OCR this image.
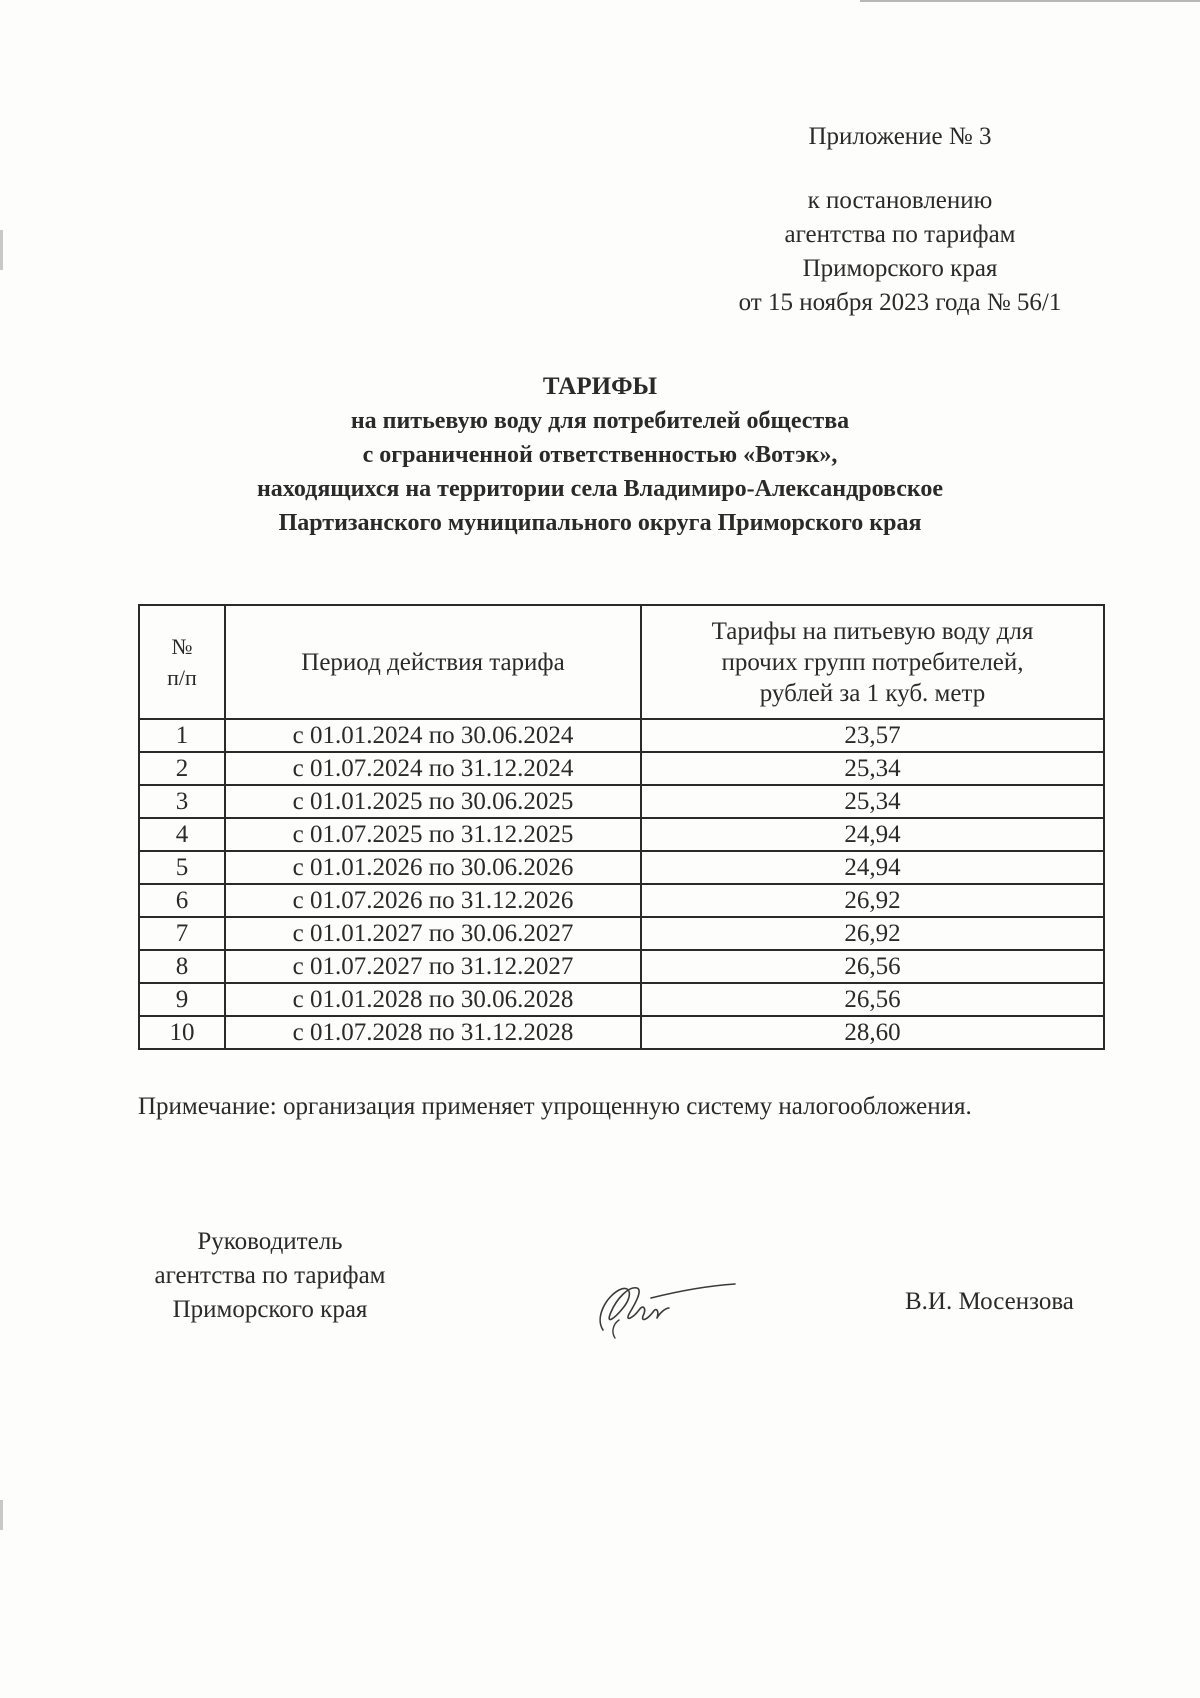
Приложение № 3
к постановлению
агентства по тарифам
Приморского края
от 15 ноября 2023 года № 56/1
ТАРИФЫ
на питьевую воду для потребителей общества
с ограниченной ответственностью «Вотэк»,
находящихся на территории села Владимиро-Александровское
Партизанского муниципального округа Приморского края
№
п/п	Период действия тарифа	Тарифы на питьевую воду для
прочих групп потребителей,
рублей за 1 куб. метр
1	с 01.01.2024 по 30.06.2024	23,57
2	с 01.07.2024 по 31.12.2024	25,34
3	с 01.01.2025 по 30.06.2025	25,34
4	с 01.07.2025 по 31.12.2025	24,94
5	с 01.01.2026 по 30.06.2026	24,94
6	с 01.07.2026 по 31.12.2026	26,92
7	с 01.01.2027 по 30.06.2027	26,92
8	с 01.07.2027 по 31.12.2027	26,56
9	с 01.01.2028 по 30.06.2028	26,56
10	с 01.07.2028 по 31.12.2028	28,60
Примечание: организация применяет упрощенную систему налогообложения.
Руководитель
агентства по тарифам
Приморского края	В.И. Мосензова
